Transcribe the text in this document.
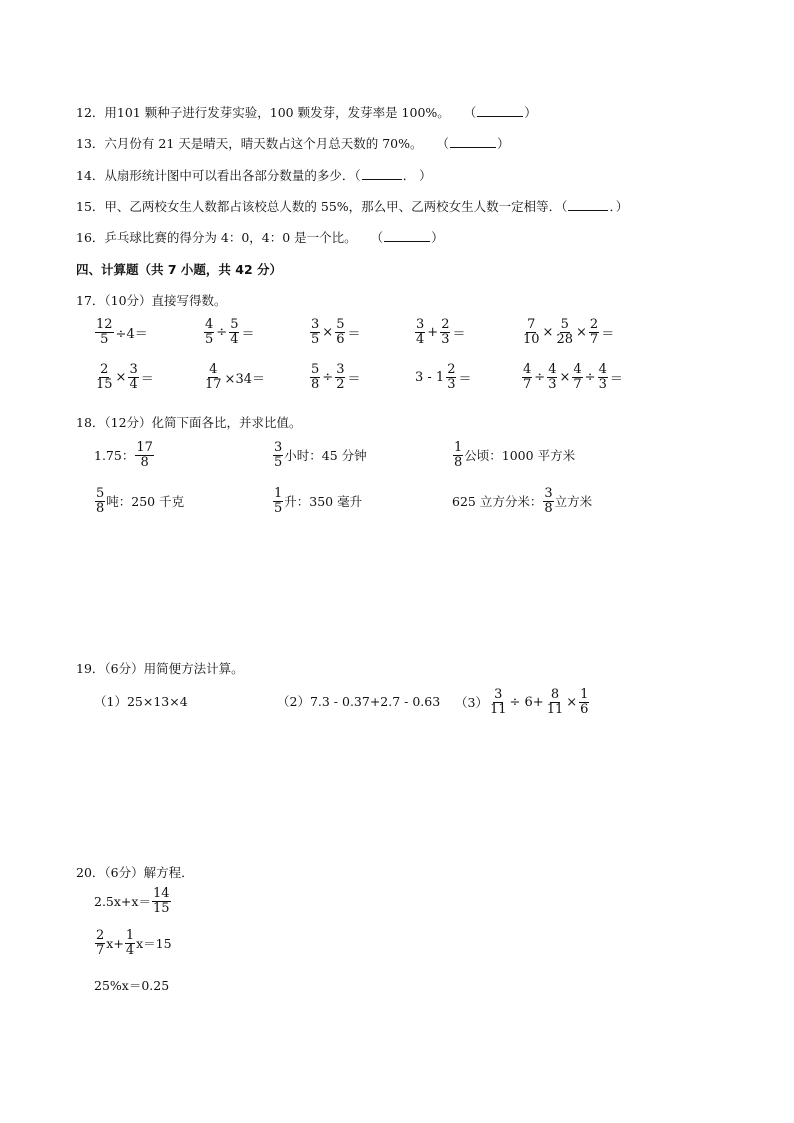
12．用101 颗种子进行发芽实验，100 颗发芽，发芽率是 100%。 （	）
13．六月份有 21 天是晴天，晴天数占这个月总天数的 70%。 （	）
14．从扇形统计图中可以看出各部分数量的多少．（	． ）
15．甲、乙两校女生人数都占该校总人数的 55%，那么甲、乙两校女生人数一定相等．（	．）
16．乒乓球比赛的得分为 4：0，4：0 是一个比。 （	）
四、计算题（共 7 小题，共 42 分）
17．（10分）直接写得数。
$\frac{12}{5} \div 4=$	$\frac{4}{5} \div \frac{5}{4}$ ＝	$\frac{3}{5} \times \frac{5}{6}$ ＝	$\frac{3}{4} + \frac{2}{3}$ ＝	$\frac{7}{10} \times \frac{5}{28} \times \frac{2}{7}$ ＝
$\frac{2}{15} \times \frac{3}{4}$ ＝	$\frac{4}{17} \times 34=$	$\frac{5}{8} \div \frac{3}{2}$ ＝	$3 - 1 \frac{2}{3}$ ＝	$\frac{4}{7} \div \frac{4}{3} \times \frac{4}{7} \div \frac{4}{3}$ ＝
18．（12分）化简下面各比，并求比值。
1.75： $\frac{17}{8}$	$\frac{3}{5}$ 小时：45 分钟	$\frac{1}{8}$ 公顷：1000 平方米
$\frac{5}{8}$ 吨：250 千克	$\frac{1}{5}$ 升：350 毫升	625 立方分米： $\frac{3}{8}$ 立方米
19．（6分）用简便方法计算。
（1）25×13×4	（2）7.3 - 0.37+2.7 - 0.63 $(3) \frac{3}{11} \div 6+ \frac{8}{11} \times \frac{1}{6}$
20．（6分）解方程．
$2.5x+x= \frac{14}{15}$
$\frac{2}{7} x+ \frac{1}{4} x=15$
25%x＝0.25
